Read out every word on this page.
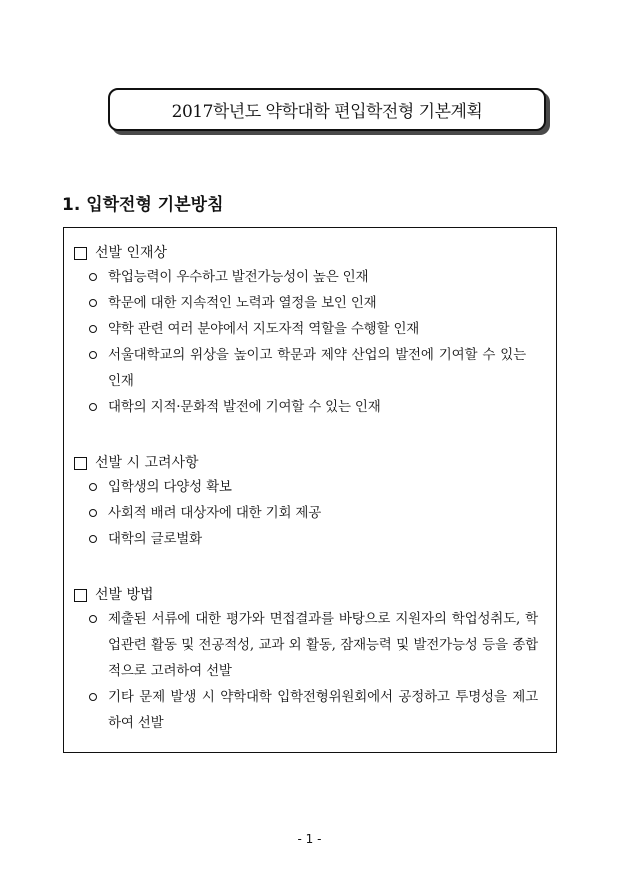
2017학년도 약학대학 편입학전형 기본계획
1. 입학전형 기본방침
선발 인재상
학업능력이 우수하고 발전가능성이 높은 인재
학문에 대한 지속적인 노력과 열정을 보인 인재
약학 관련 여러 분야에서 지도자적 역할을 수행할 인재
서울대학교의 위상을 높이고 학문과 제약 산업의 발전에 기여할 수 있는 인재
대학의 지적·문화적 발전에 기여할 수 있는 인재
선발 시 고려사항
입학생의 다양성 확보
사회적 배려 대상자에 대한 기회 제공
대학의 글로벌화
선발 방법
제출된 서류에 대한 평가와 면접결과를 바탕으로 지원자의 학업성취도, 학업관련 활동 및 전공적성, 교과 외 활동, 잠재능력 및 발전가능성 등을 종합적으로 고려하여 선발
기타 문제 발생 시 약학대학 입학전형위원회에서 공정하고 투명성을 제고 하여 선발
- 1 -
